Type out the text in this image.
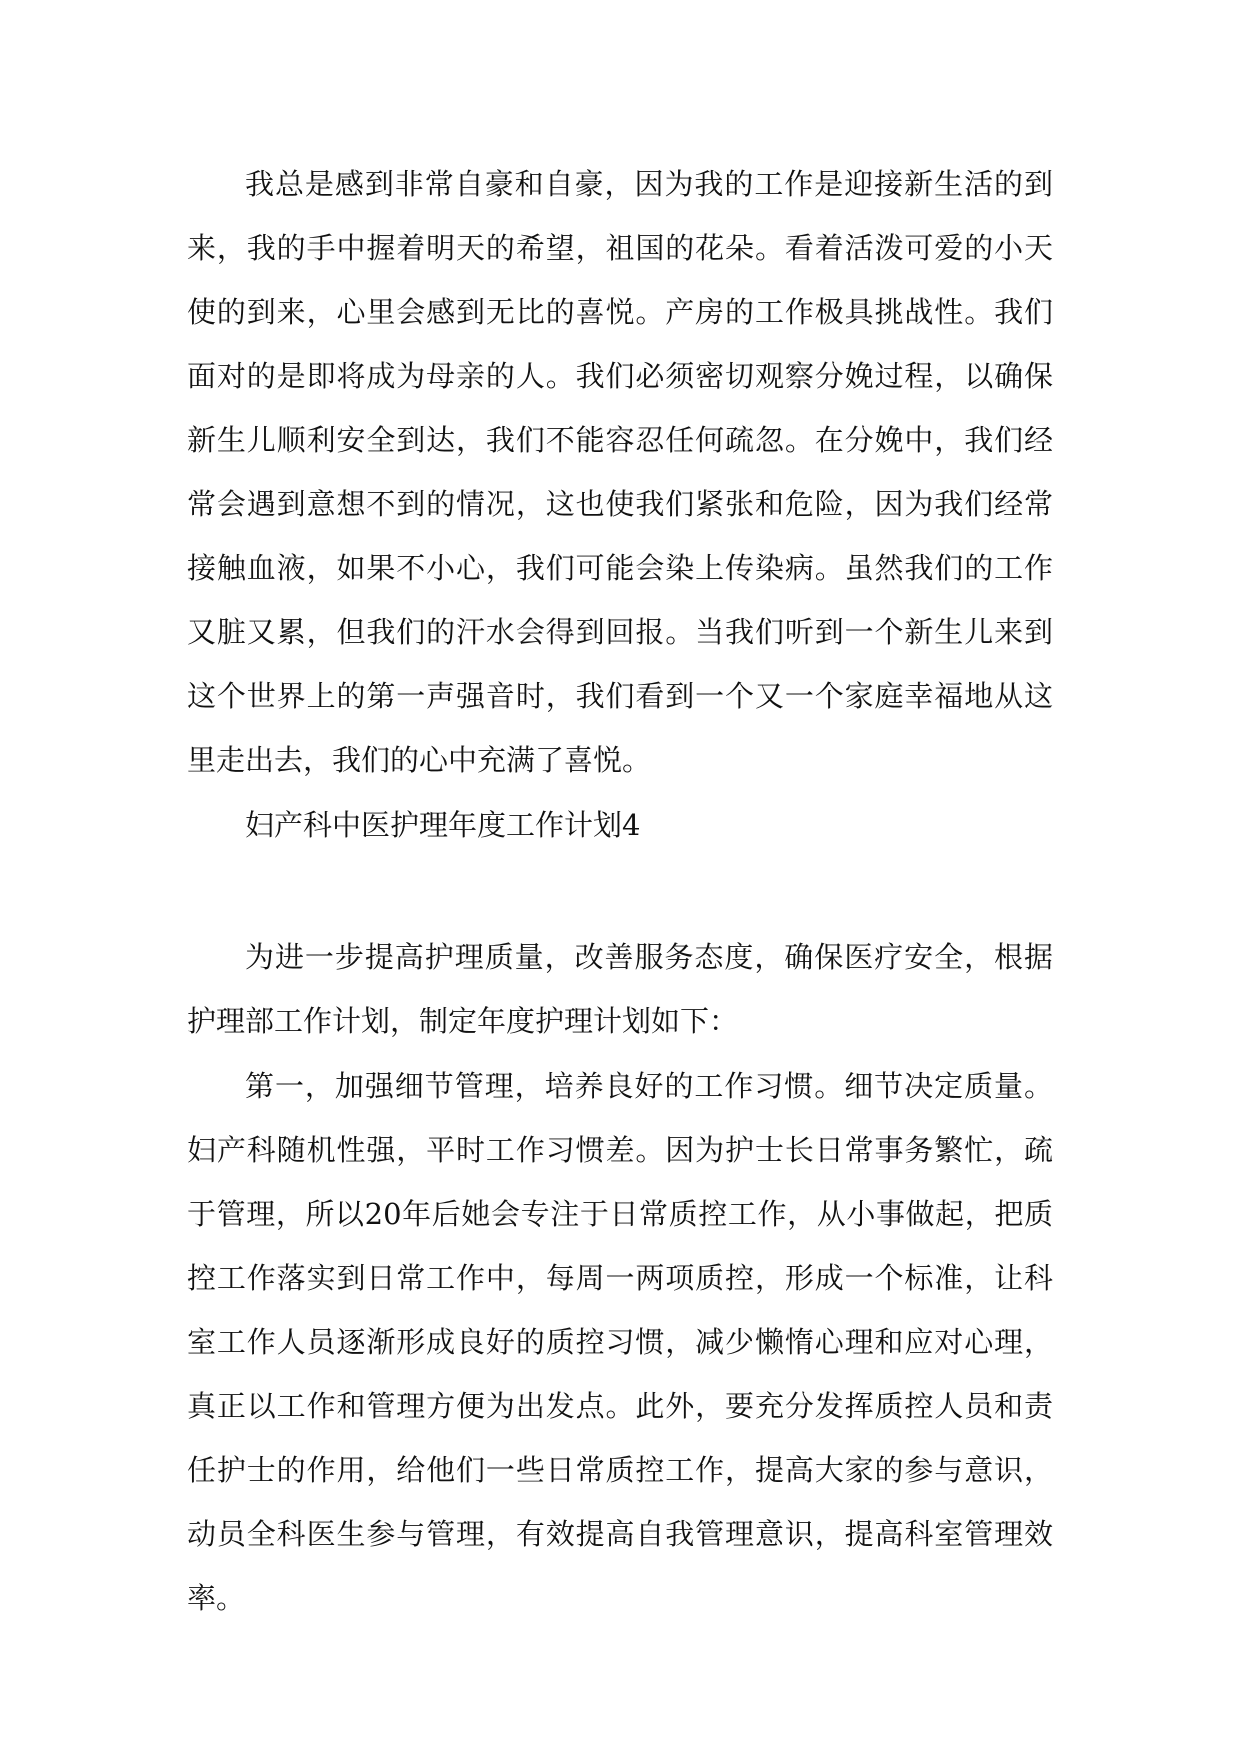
我总是感到非常自豪和自豪，因为我的工作是迎接新生活的到来，我的手中握着明天的希望，祖国的花朵。看着活泼可爱的小天使的到来，心里会感到无比的喜悦。产房的工作极具挑战性。我们面对的是即将成为母亲的人。我们必须密切观察分娩过程，以确保新生儿顺利安全到达，我们不能容忍任何疏忽。在分娩中，我们经常会遇到意想不到的情况，这也使我们紧张和危险，因为我们经常接触血液，如果不小心，我们可能会染上传染病。虽然我们的工作又脏又累，但我们的汗水会得到回报。当我们听到一个新生儿来到这个世界上的第一声强音时，我们看到一个又一个家庭幸福地从这里走出去，我们的心中充满了喜悦。

妇产科中医护理年度工作计划4

为进一步提高护理质量，改善服务态度，确保医疗安全，根据护理部工作计划，制定年度护理计划如下：

第一，加强细节管理，培养良好的工作习惯。细节决定质量。妇产科随机性强，平时工作习惯差。因为护士长日常事务繁忙，疏于管理，所以20年后她会专注于日常质控工作，从小事做起，把质控工作落实到日常工作中，每周一两项质控，形成一个标准，让科室工作人员逐渐形成良好的质控习惯，减少懒惰心理和应对心理，真正以工作和管理方便为出发点。此外，要充分发挥质控人员和责任护士的作用，给他们一些日常质控工作，提高大家的参与意识，动员全科医生参与管理，有效提高自我管理意识，提高科室管理效率。
